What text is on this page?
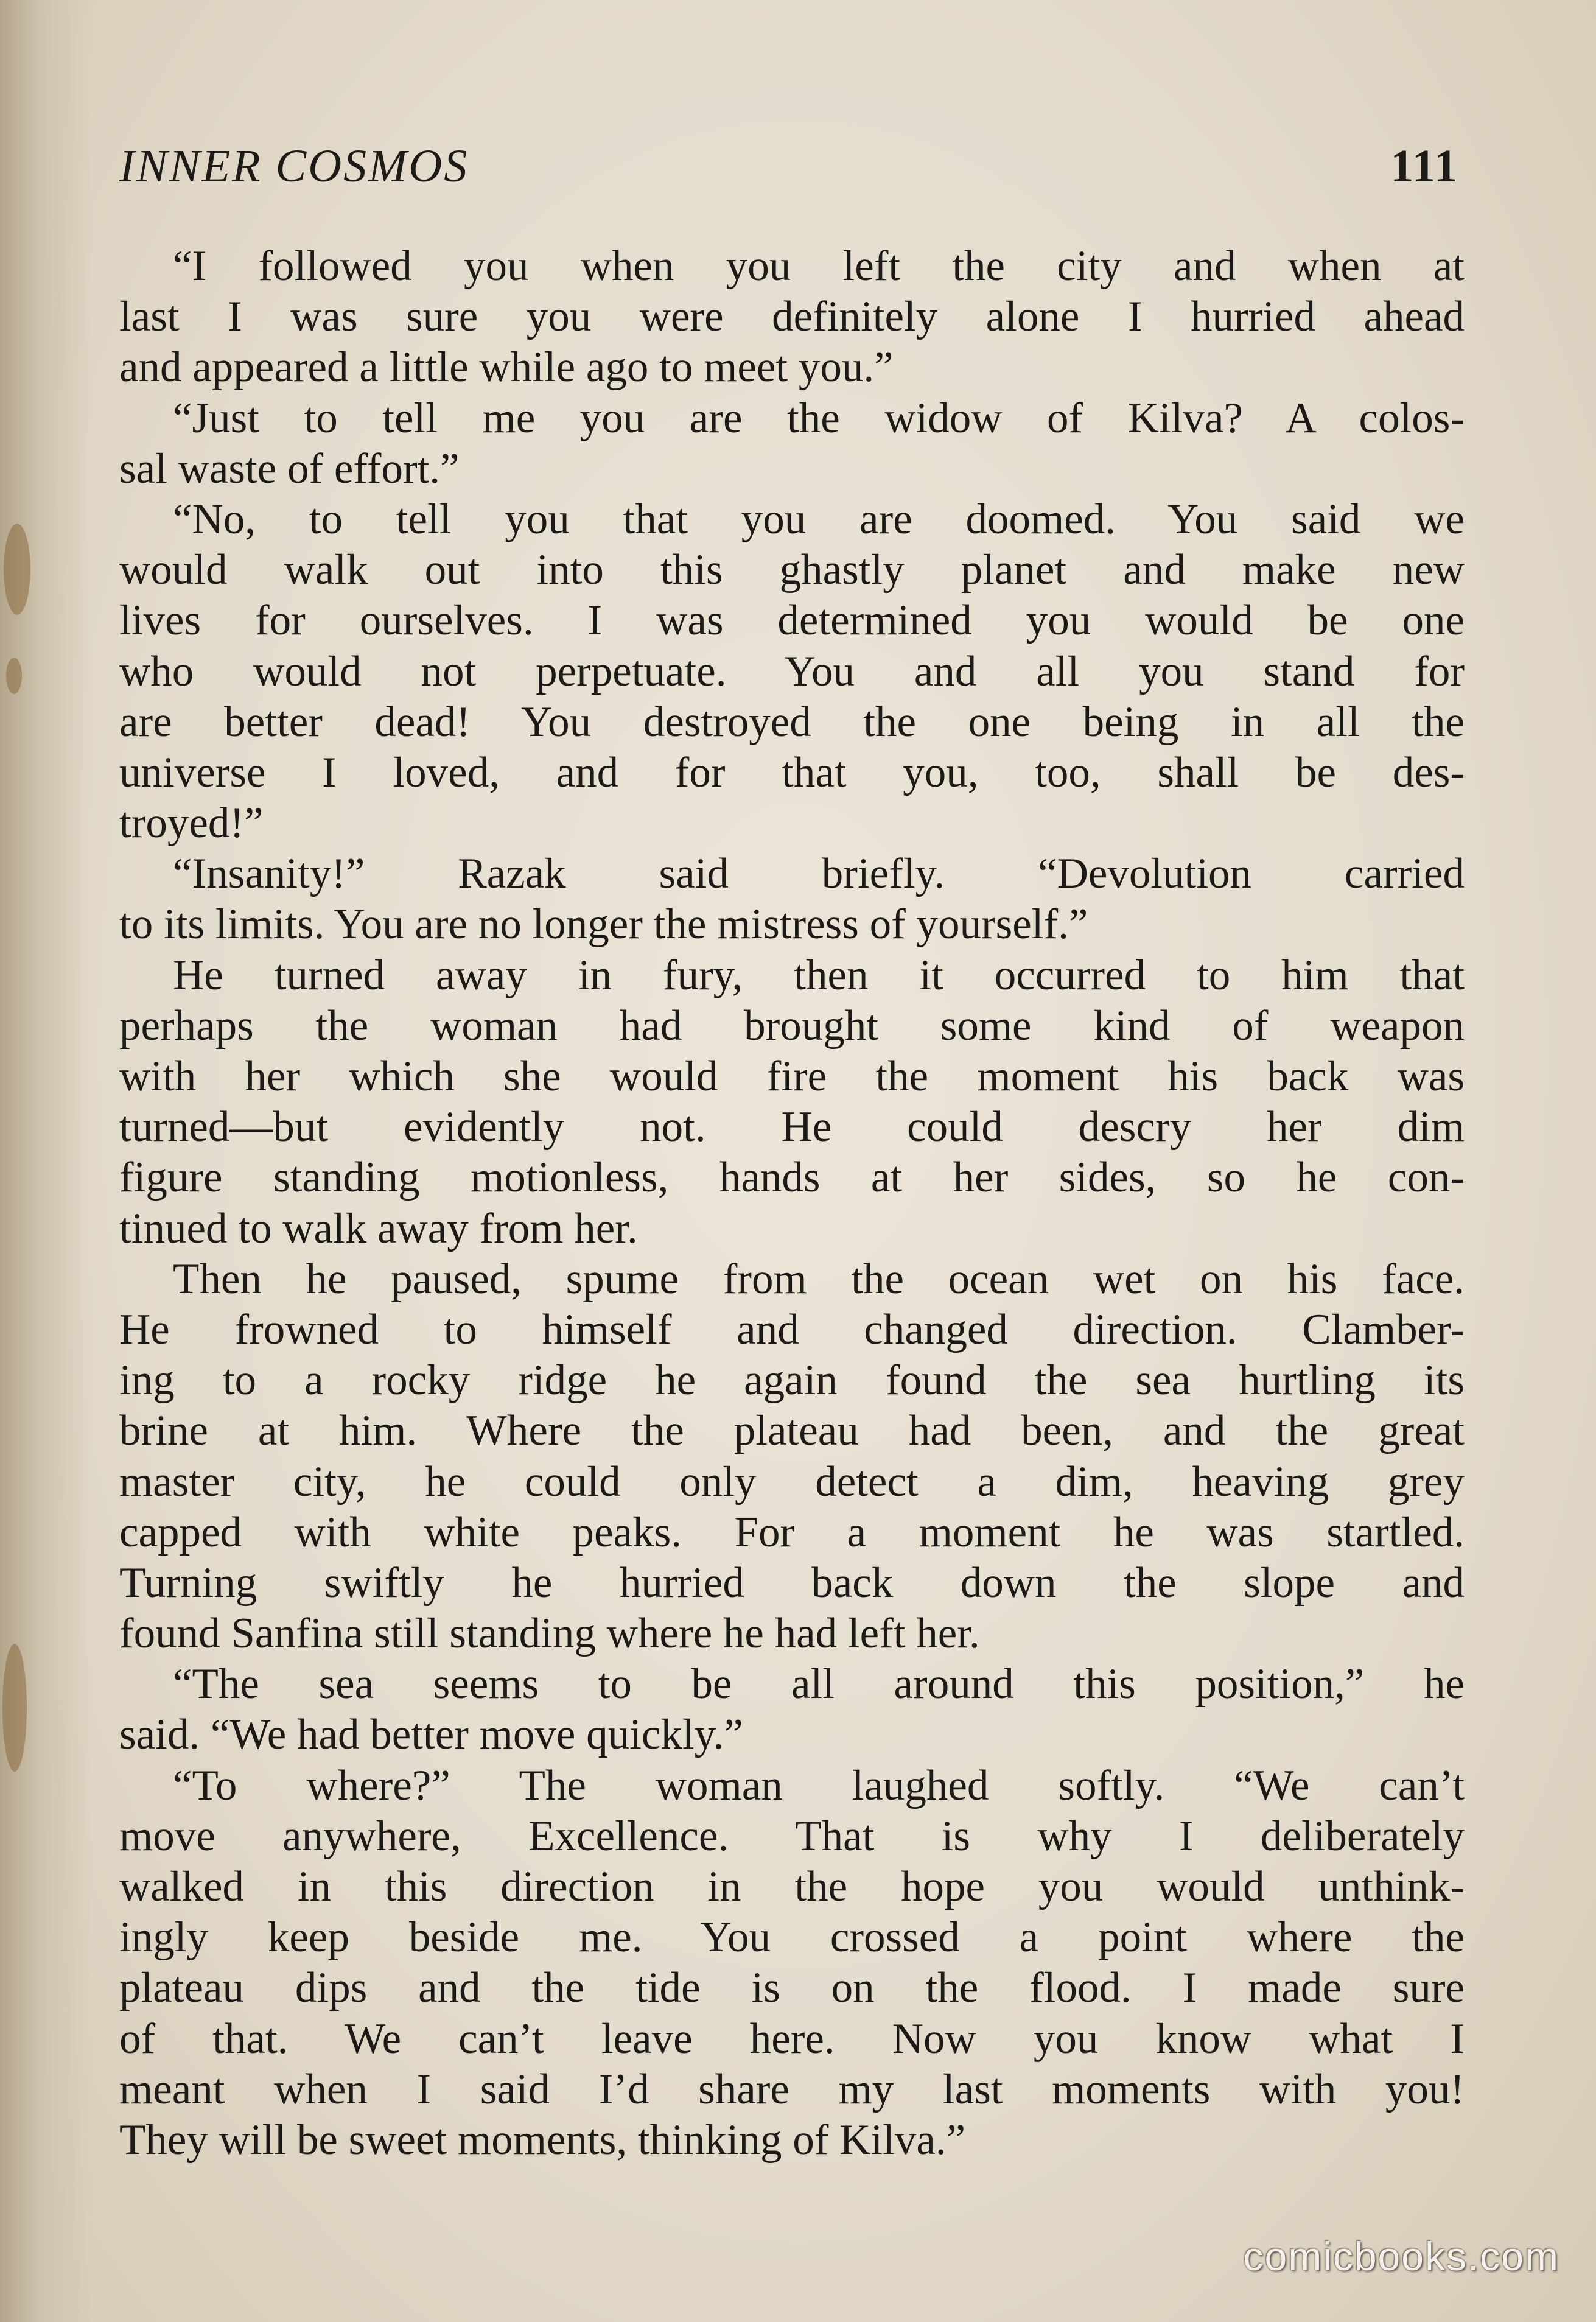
INNER COSMOS	111
“I followed you when you left the city and when at
last I was sure you were definitely alone I hurried ahead
and appeared a little while ago to meet you.”
“Just to tell me you are the widow of Kilva? A colos-
sal waste of effort.”
“No, to tell you that you are doomed. You said we
would walk out into this ghastly planet and make new
lives for ourselves. I was determined you would be one
who would not perpetuate. You and all you stand for
are better dead! You destroyed the one being in all the
universe I loved, and for that you, too, shall be des-
troyed!”
“Insanity!” Razak said briefly. “Devolution carried
to its limits. You are no longer the mistress of yourself.”
He turned away in fury, then it occurred to him that
perhaps the woman had brought some kind of weapon
with her which she would fire the moment his back was
turned—but evidently not. He could descry her dim
figure standing motionless, hands at her sides, so he con-
tinued to walk away from her.
Then he paused, spume from the ocean wet on his face.
He frowned to himself and changed direction. Clamber-
ing to a rocky ridge he again found the sea hurtling its
brine at him. Where the plateau had been, and the great
master city, he could only detect a dim, heaving grey
capped with white peaks. For a moment he was startled.
Turning swiftly he hurried back down the slope and
found Sanfina still standing where he had left her.
“The sea seems to be all around this position,” he
said. “We had better move quickly.”
“To where?” The woman laughed softly. “We can’t
move anywhere, Excellence. That is why I deliberately
walked in this direction in the hope you would unthink-
ingly keep beside me. You crossed a point where the
plateau dips and the tide is on the flood. I made sure
of that. We can’t leave here. Now you know what I
meant when I said I’d share my last moments with you!
They will be sweet moments, thinking of Kilva.”
comicbooks.com
